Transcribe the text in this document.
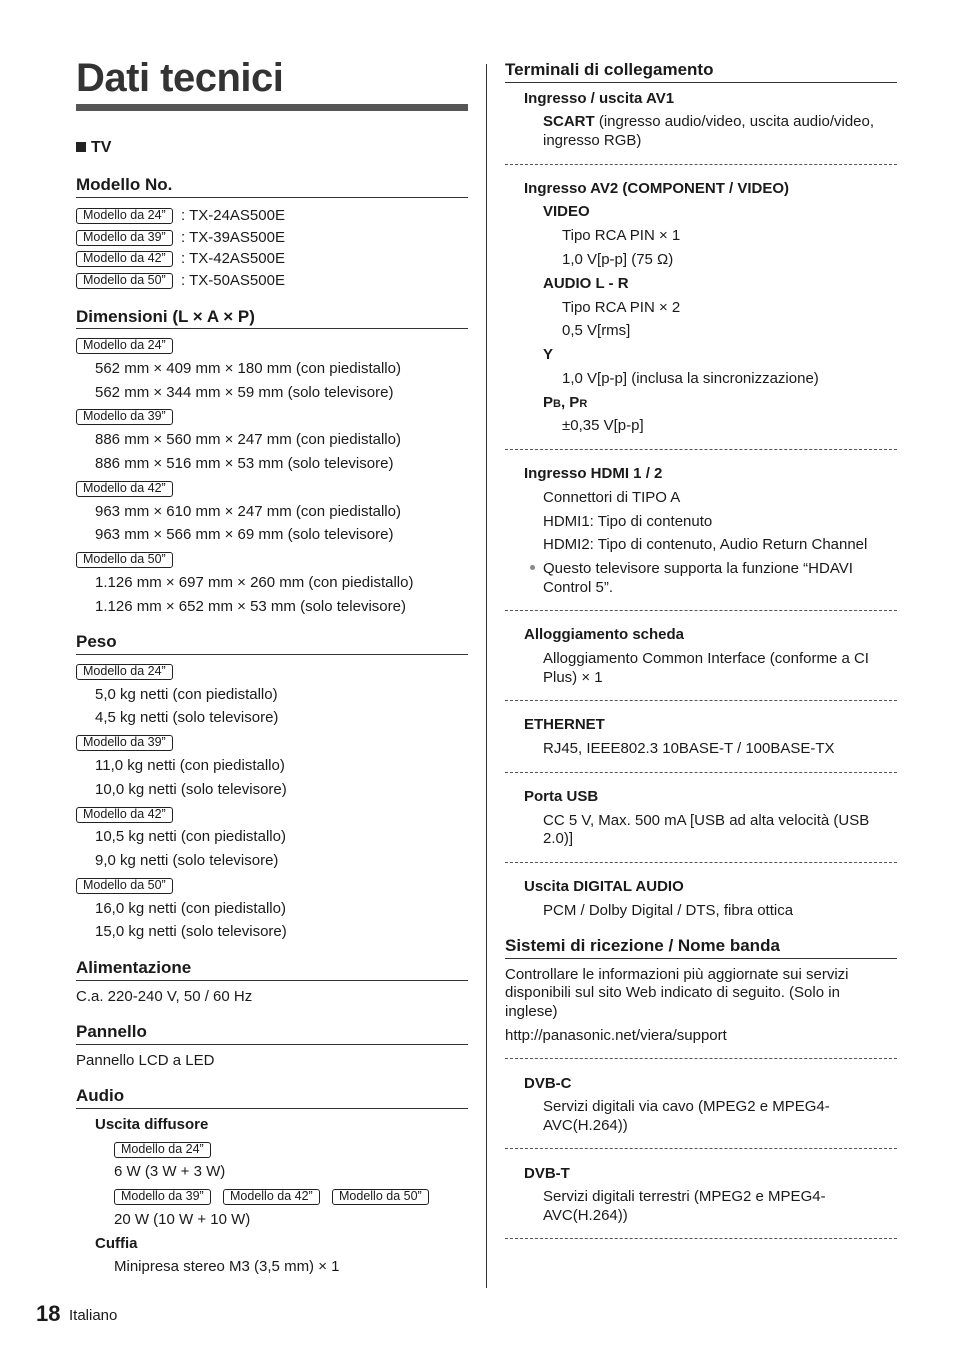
Dati tecnici
TV
Modello No.
Modello da 24”	: TX-24AS500E
Modello da 39”	: TX-39AS500E
Modello da 42”	: TX-42AS500E
Modello da 50”	: TX-50AS500E
Dimensioni (L × A × P)
Modello da 24”
562 mm × 409 mm × 180 mm (con piedistallo)
562 mm × 344 mm × 59 mm (solo televisore)
Modello da 39”
886 mm × 560 mm × 247 mm (con piedistallo)
886 mm × 516 mm × 53 mm (solo televisore)
Modello da 42”
963 mm × 610 mm × 247 mm (con piedistallo)
963 mm × 566 mm × 69 mm (solo televisore)
Modello da 50”
1.126 mm × 697 mm × 260 mm (con piedistallo)
1.126 mm × 652 mm × 53 mm (solo televisore)
Peso
Modello da 24”
5,0 kg netti (con piedistallo)
4,5 kg netti (solo televisore)
Modello da 39”
11,0 kg netti (con piedistallo)
10,0 kg netti (solo televisore)
Modello da 42”
10,5 kg netti (con piedistallo)
9,0 kg netti (solo televisore)
Modello da 50”
16,0 kg netti (con piedistallo)
15,0 kg netti (solo televisore)
Alimentazione
C.a. 220-240 V, 50 / 60 Hz
Pannello
Pannello LCD a LED
Audio
Uscita diffusore
Modello da 24”
6 W (3 W + 3 W)
Modello da 39”	Modello da 42”	Modello da 50”
20 W (10 W + 10 W)
Cuffia
Minipresa stereo M3 (3,5 mm) × 1
Terminali di collegamento
Ingresso / uscita AV1
SCART (ingresso audio/video, uscita audio/video,
ingresso RGB)
Ingresso AV2 (COMPONENT / VIDEO)
VIDEO
Tipo RCA PIN × 1
1,0 V[p-p] (75 Ω)
AUDIO L - R
Tipo RCA PIN × 2
0,5 V[rms]
Y
1,0 V[p-p] (inclusa la sincronizzazione)
PB, PR
±0,35 V[p-p]
Ingresso HDMI 1 / 2
Connettori di TIPO A
HDMI1: Tipo di contenuto
HDMI2: Tipo di contenuto, Audio Return Channel
Questo televisore supporta la funzione “HDAVI
Control 5”.
Alloggiamento scheda
Alloggiamento Common Interface (conforme a CI
Plus) × 1
ETHERNET
RJ45, IEEE802.3 10BASE-T / 100BASE-TX
Porta USB
CC 5 V, Max. 500 mA [USB ad alta velocità (USB
2.0)]
Uscita DIGITAL AUDIO
PCM / Dolby Digital / DTS, fibra ottica
Sistemi di ricezione / Nome banda
Controllare le informazioni più aggiornate sui servizi
disponibili sul sito Web indicato di seguito. (Solo in
inglese)
http://panasonic.net/viera/support
DVB-C
Servizi digitali via cavo (MPEG2 e MPEG4-
AVC(H.264))
DVB-T
Servizi digitali terrestri (MPEG2 e MPEG4-
AVC(H.264))
18 Italiano
